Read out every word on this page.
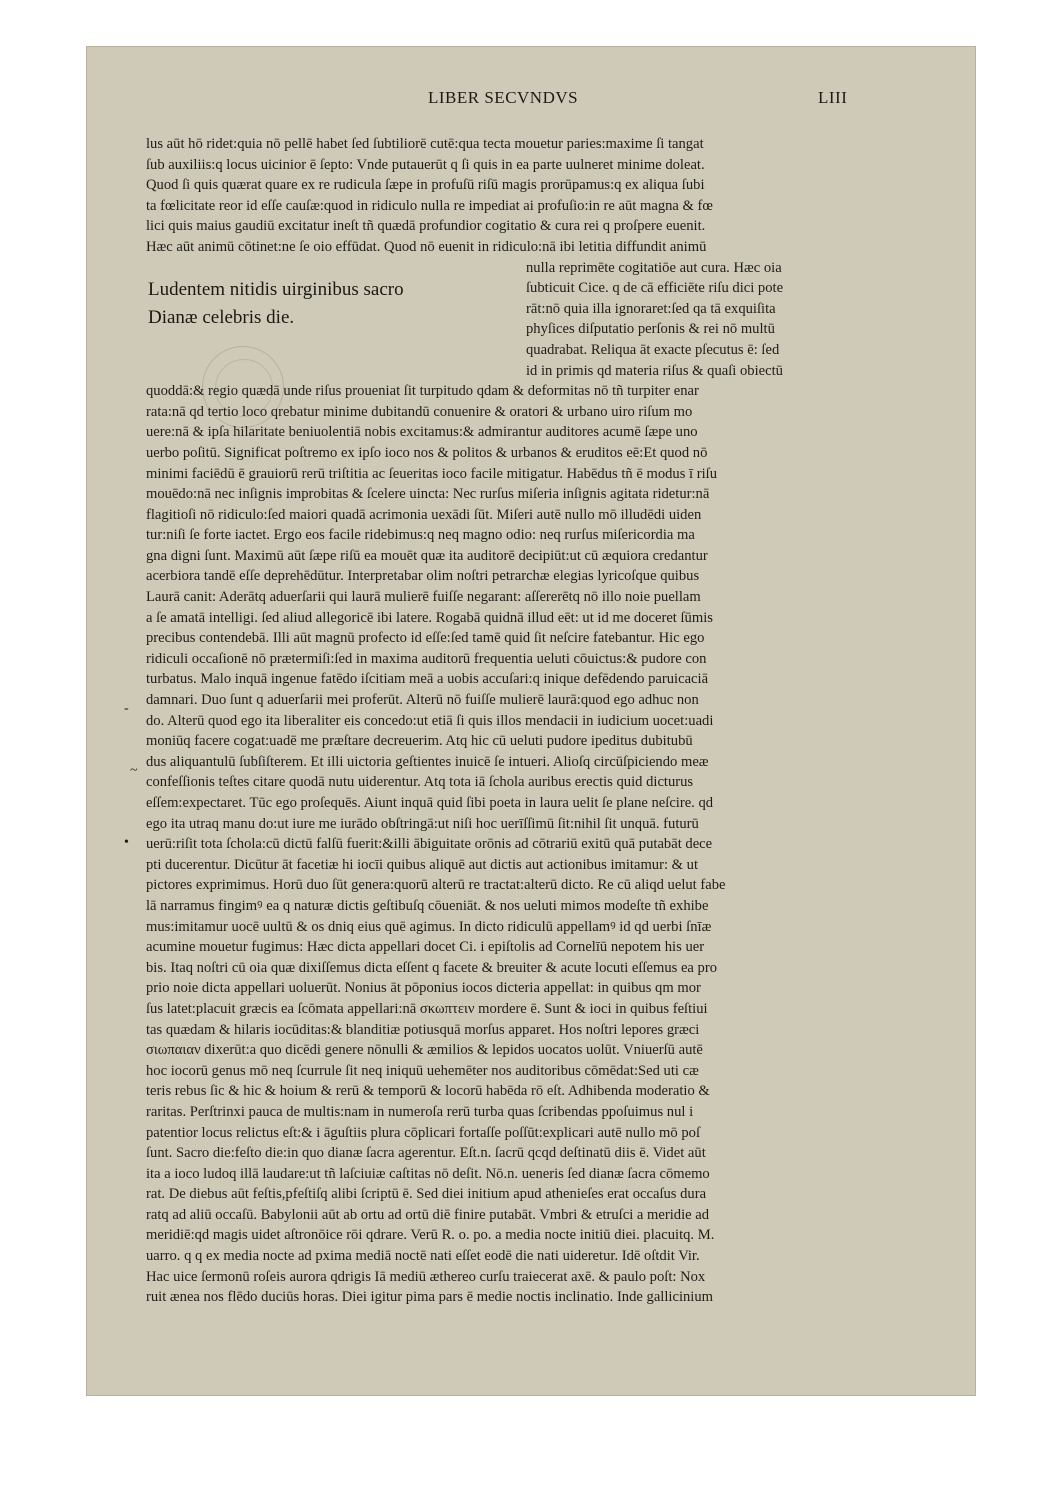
LIBER SECVNDVS	LIII
Ludentem nitidis uirginibus sacro
Dianæ celebris die.
lus aūt hō ridet:quia nō pellē habet ſed ſubtiliorē cutē:qua tecta mouetur paries:maxime ſi tangat
ſub auxiliis:q locus uicinior ē ſepto: Vnde putauerūt q ſi quis in ea parte uulneret minime doleat.
Quod ſi quis quærat quare ex re rudicula ſæpe in profuſū riſū magis prorūpamus:q ex aliqua ſubi
ta fœlicitate reor id eſſe cauſæ:quod in ridiculo nulla re impediat ai profuſio:in re aūt magna & fœ
lici quis maius gaudiū excitatur ineſt tñ quædā profundior cogitatio & cura rei q proſpere euenit.
Hæc aūt animū cōtinet:ne ſe oio effūdat. Quod nō euenit in ridiculo:nā ibi letitia diffundit animū
nulla reprimēte cogitatiōe aut cura. Hæc oia
ſubticuit Cice. q de cā efficiēte riſu dici pote
rāt:nō quia illa ignoraret:ſed qa tā exquiſita
phyſices diſputatio perſonis & rei nō multū
quadrabat. Reliqua āt exacte pſecutus ē: ſed
id in primis qd materia riſus & quaſi obiectū
quoddā:& regio quædā unde riſus proueniat ſit turpitudo qdam & deformitas nō tñ turpiter enar
rata:nā qd tertio loco qrebatur minime dubitandū conuenire & oratori & urbano uiro riſum mo
uere:nā & ipſa hilaritate beniuolentiā nobis excitamus:& admirantur auditores acumē ſæpe uno
uerbo poſitū. Significat poſtremo ex ipſo ioco nos & politos & urbanos & eruditos eē:Et quod nō
minimi faciēdū ē grauiorū rerū triſtitia ac ſeueritas ioco facile mitigatur. Habēdus tñ ē modus ī riſu
mouēdo:nā nec inſignis improbitas & ſcelere uincta: Nec rurſus miſeria inſignis agitata ridetur:nā
flagitioſi nō ridiculo:ſed maiori quadā acrimonia uexādi ſūt. Miſeri autē nullo mō illudēdi uiden
tur:niſi ſe forte iactet. Ergo eos facile ridebimus:q neq magno odio: neq rurſus miſericordia ma
gna digni ſunt. Maximū aūt ſæpe riſū ea mouēt quæ ita auditorē decipiūt:ut cū æquiora credantur
acerbiora tandē eſſe deprehēdūtur. Interpretabar olim noſtri petrarchæ elegias lyricoſque quibus
Laurā canit: Aderātq aduerſarii qui laurā mulierē fuiſſe negarant: aſſererētq nō illo noie puellam
a ſe amatā intelligi. ſed aliud allegoricē ibi latere. Rogabā quidnā illud eēt: ut id me doceret ſūmis
precibus contendebā. Illi aūt magnū profecto id eſſe:ſed tamē quid ſit neſcire fatebantur. Hic ego
ridiculi occaſionē nō prætermiſi:ſed in maxima auditorū frequentia ueluti cōuictus:& pudore con
turbatus. Malo inquā ingenue fatēdo iſcitiam meā a uobis accuſari:q inique defēdendo paruicaciā
damnari. Duo ſunt q aduerſarii mei proferūt. Alterū nō fuiſſe mulierē laurā:quod ego adhuc non
do. Alterū quod ego ita liberaliter eis concedo:ut etiā ſi quis illos mendacii in iudicium uocet:uadi
moniūq facere cogat:uadē me præſtare decreuerim. Atq hic cū ueluti pudore ipeditus dubitubū
dus aliquantulū ſubſiſterem. Et illi uictoria geſtientes inuicē ſe intueri. Alioſq circūſpiciendo meæ
confeſſionis teſtes citare quodā nutu uiderentur. Atq tota iā ſchola auribus erectis quid dicturus
eſſem:expectaret. Tūc ego proſequēs. Aiunt inquā quid ſibi poeta in laura uelit ſe plane neſcire. qd
ego ita utraq manu do:ut iure me iurādo obſtringā:ut niſi hoc uerīſſimū ſit:nihil ſit unquā. futurū
uerū:riſit tota ſchola:cū dictū falſū fuerit:&illi ābiguitate orōnis ad cōtrariū exitū quā putabāt dece
pti ducerentur. Dicūtur āt facetiæ hi iocīi quibus aliquē aut dictis aut actionibus imitamur: & ut
pictores exprimimus. Horū duo ſūt genera:quorū alterū re tractat:alterū dicto. Re cū aliqd uelut fabe
lā narramus fingimꝰ ea q naturæ dictis geſtibuſq cōueniāt. & nos ueluti mimos modeſte tñ exhibe
mus:imitamur uocē uultū & os dniq eius quē agimus. In dicto ridiculū appellamꝰ id qd uerbi ſnīæ
acumine mouetur fugimus: Hæc dicta appellari docet Ci. i epiſtolis ad Cornelīū nepotem his uer
bis. Itaq noſtri cū oia quæ dixiſſemus dicta eſſent q facete & breuiter & acute locuti eſſemus ea pro
prio noie dicta appellari uoluerūt. Nonius āt pōponius iocos dicteria appellat: in quibus qm mor
ſus latet:placuit græcis ea ſcōmata appellari:nā σκωπτειν mordere ē. Sunt & ioci in quibus feſtiui
tas quædam & hilaris iocūditas:& blanditiæ potiusquā morſus apparet. Hos noſtri lepores græci
σιωπαιαν dixerūt:a quo dicēdi genere nōnulli & æmilios & lepidos uocatos uolūt. Vniuerſū autē
hoc iocorū genus mō neq ſcurrule ſit neq iniquū uehemēter nos auditoribus cōmēdat:Sed uti cæ
teris rebus ſic & hic & hoium & rerū & temporū & locorū habēda rō eſt. Adhibenda moderatio &
raritas. Perſtrinxi pauca de multis:nam in numeroſa rerū turba quas ſcribendas ppoſuimus nul i
patentior locus relictus eſt:& i āguſtiis plura cōplicari fortaſſe poſſūt:explicari autē nullo mō poſ
ſunt. Sacro die:feſto die:in quo dianæ ſacra agerentur. Eſt.n. ſacrū qcqd deſtinatū diis ē. Videt aūt
ita a ioco ludoq illā laudare:ut tñ laſciuiæ caſtitas nō deſit. Nō.n. ueneris ſed dianæ ſacra cōmemo
rat. De diebus aūt feſtis,pfeſtiſq alibi ſcriptū ē. Sed diei initium apud athenieſes erat occaſus dura
ratq ad aliū occaſū. Babylonii aūt ab ortu ad ortū diē finire putabāt. Vmbri & etruſci a meridie ad
meridiē:qd magis uidet aſtronōice rōi qdrare. Verū R. o. po. a media nocte initiū diei. placuitq. M.
uarro. q q ex media nocte ad pxima mediā noctē nati eſſet eodē die nati uideretur. Idē oſtdit Vir.
Hac uice ſermonū roſeis aurora qdrigis Iā mediū æthereo curſu traiecerat axē. & paulo poſt: Nox
ruit ænea nos flēdo duciūs horas. Diei igitur pima pars ē medie noctis inclinatio. Inde gallicinium
-
~
•
